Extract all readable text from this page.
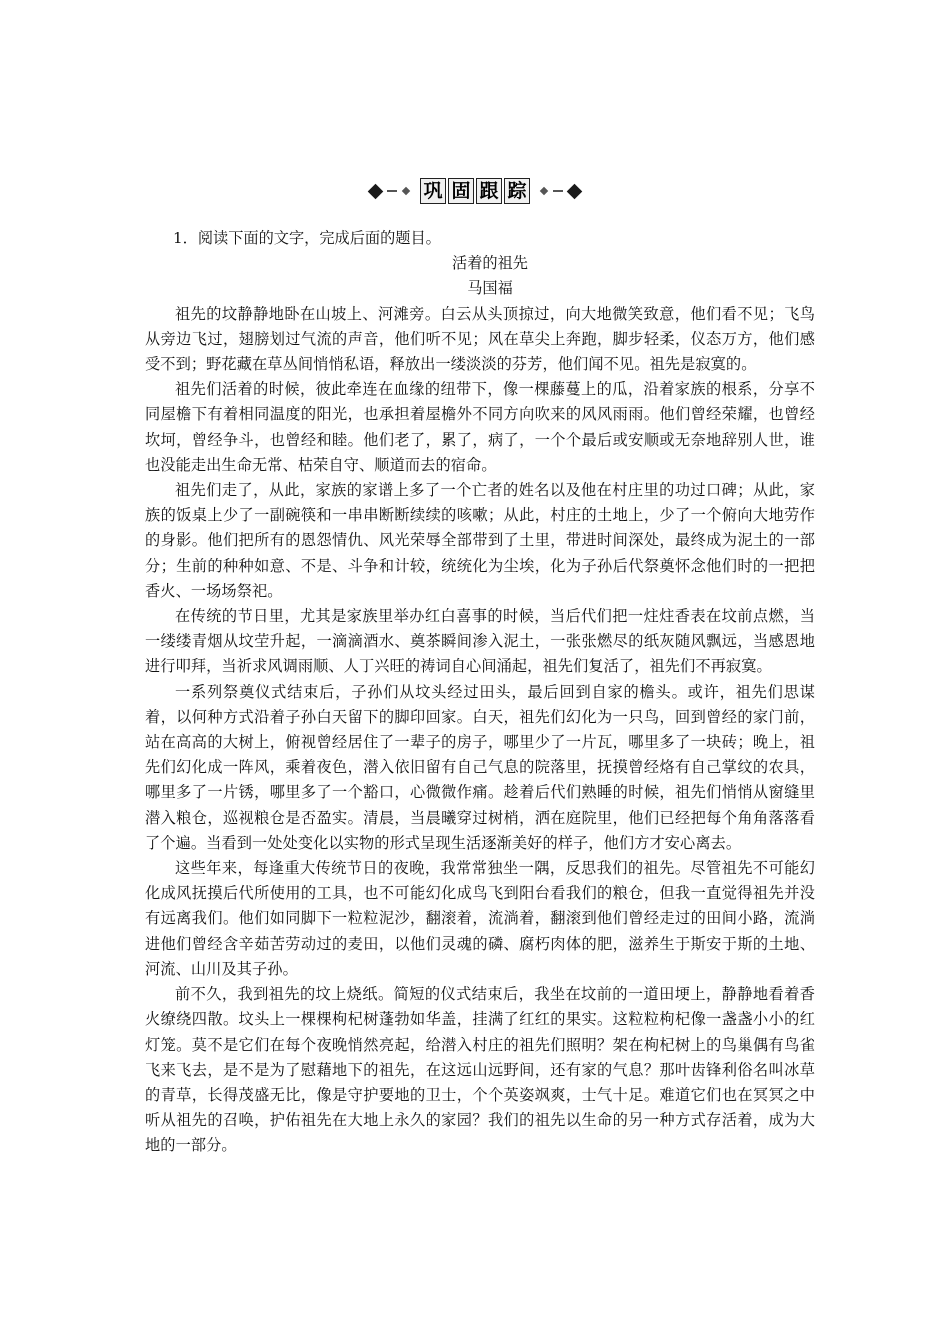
巩 固 跟 踪

1．阅读下面的文字，完成后面的题目。

活着的祖先

马国福

祖先的坟静静地卧在山坡上、河滩旁。白云从头顶掠过，向大地微笑致意，他们看不见；飞鸟从旁边飞过，翅膀划过气流的声音，他们听不见；风在草尖上奔跑，脚步轻柔，仪态万方，他们感受不到；野花藏在草丛间悄悄私语，释放出一缕淡淡的芬芳，他们闻不见。祖先是寂寞的。

祖先们活着的时候，彼此牵连在血缘的纽带下，像一棵藤蔓上的瓜，沿着家族的根系，分享不同屋檐下有着相同温度的阳光，也承担着屋檐外不同方向吹来的风风雨雨。他们曾经荣耀，也曾经坎坷，曾经争斗，也曾经和睦。他们老了，累了，病了，一个个最后或安顺或无奈地辞别人世，谁也没能走出生命无常、枯荣自守、顺道而去的宿命。

祖先们走了，从此，家族的家谱上多了一个亡者的姓名以及他在村庄里的功过口碑；从此，家族的饭桌上少了一副碗筷和一串串断断续续的咳嗽；从此，村庄的土地上，少了一个俯向大地劳作的身影。他们把所有的恩怨情仇、风光荣辱全部带到了土里，带进时间深处，最终成为泥土的一部分；生前的种种如意、不是、斗争和计较，统统化为尘埃，化为子孙后代祭奠怀念他们时的一把把香火、一场场祭祀。

在传统的节日里，尤其是家族里举办红白喜事的时候，当后代们把一炷炷香表在坟前点燃，当一缕缕青烟从坟茔升起，一滴滴酒水、奠茶瞬间渗入泥土，一张张燃尽的纸灰随风飘远，当感恩地进行叩拜，当祈求风调雨顺、人丁兴旺的祷词自心间涌起，祖先们复活了，祖先们不再寂寞。

一系列祭奠仪式结束后，子孙们从坟头经过田头，最后回到自家的檐头。或许，祖先们思谋着，以何种方式沿着子孙白天留下的脚印回家。白天，祖先们幻化为一只鸟，回到曾经的家门前，站在高高的大树上，俯视曾经居住了一辈子的房子，哪里少了一片瓦，哪里多了一块砖；晚上，祖先们幻化成一阵风，乘着夜色，潜入依旧留有自己气息的院落里，抚摸曾经烙有自己掌纹的农具，哪里多了一片锈，哪里多了一个豁口，心微微作痛。趁着后代们熟睡的时候，祖先们悄悄从窗缝里潜入粮仓，巡视粮仓是否盈实。清晨，当晨曦穿过树梢，洒在庭院里，他们已经把每个角角落落看了个遍。当看到一处处变化以实物的形式呈现生活逐渐美好的样子，他们方才安心离去。

这些年来，每逢重大传统节日的夜晚，我常常独坐一隅，反思我们的祖先。尽管祖先不可能幻化成风抚摸后代所使用的工具，也不可能幻化成鸟飞到阳台看我们的粮仓，但我一直觉得祖先并没有远离我们。他们如同脚下一粒粒泥沙，翻滚着，流淌着，翻滚到他们曾经走过的田间小路，流淌进他们曾经含辛茹苦劳动过的麦田，以他们灵魂的磷、腐朽肉体的肥，滋养生于斯安于斯的土地、河流、山川及其子孙。

前不久，我到祖先的坟上烧纸。简短的仪式结束后，我坐在坟前的一道田埂上，静静地看着香火缭绕四散。坟头上一棵棵枸杞树蓬勃如华盖，挂满了红红的果实。这粒粒枸杞像一盏盏小小的红灯笼。莫不是它们在每个夜晚悄然亮起，给潜入村庄的祖先们照明？架在枸杞树上的鸟巢偶有鸟雀飞来飞去，是不是为了慰藉地下的祖先，在这远山远野间，还有家的气息？那叶齿锋利俗名叫冰草的青草，长得茂盛无比，像是守护要地的卫士，个个英姿飒爽，士气十足。难道它们也在冥冥之中听从祖先的召唤，护佑祖先在大地上永久的家园？我们的祖先以生命的另一种方式存活着，成为大地的一部分。
